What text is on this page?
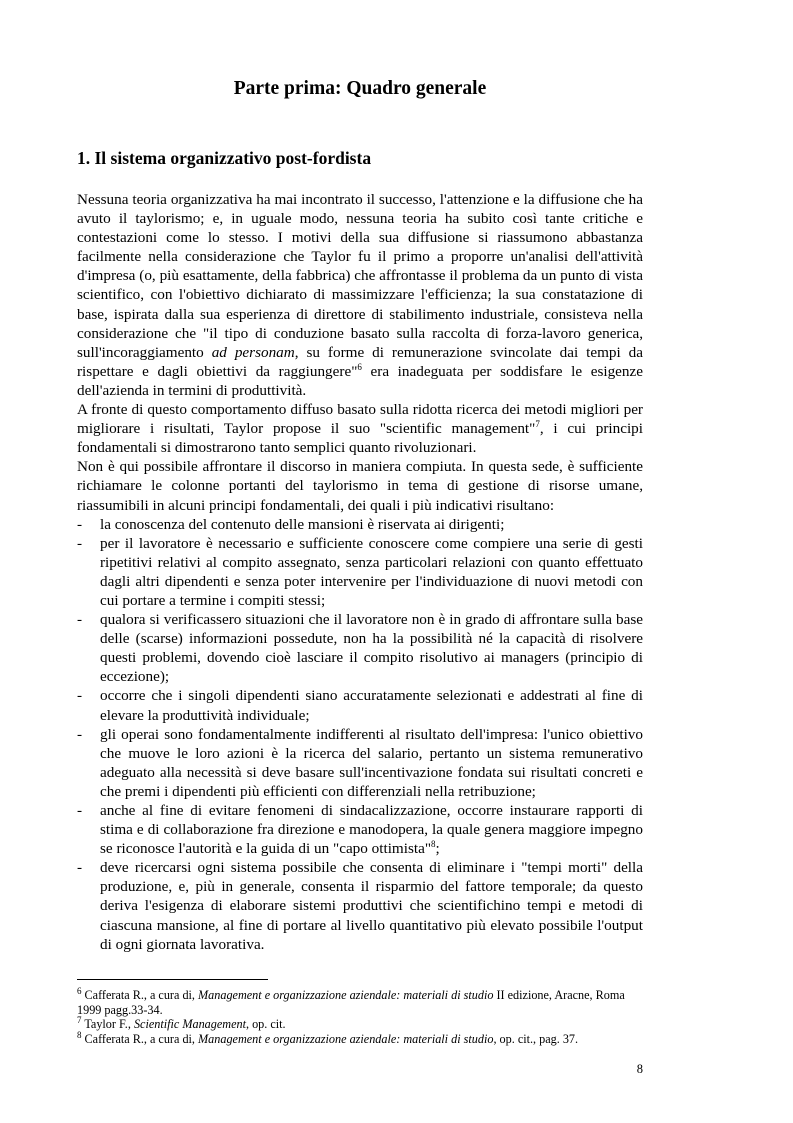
Parte prima: Quadro generale
1. Il sistema organizzativo post-fordista

Nessuna teoria organizzativa ha mai incontrato il successo, l'attenzione e la diffusione che ha avuto il taylorismo; e, in uguale modo, nessuna teoria ha subito così tante critiche e contestazioni come lo stesso. I motivi della sua diffusione si riassumono abbastanza facilmente nella considerazione che Taylor fu il primo a proporre un'analisi dell'attività d'impresa (o, più esattamente, della fabbrica) che affrontasse il problema da un punto di vista scientifico, con l'obiettivo dichiarato di massimizzare l'efficienza; la sua constatazione di base, ispirata dalla sua esperienza di direttore di stabilimento industriale, consisteva nella considerazione che "il tipo di conduzione basato sulla raccolta di forza-lavoro generica, sull'incoraggiamento ad personam, su forme di remunerazione svincolate dai tempi da rispettare e dagli obiettivi da raggiungere"$^6$ era inadeguata per soddisfare le esigenze dell'azienda in termini di produttività.

A fronte di questo comportamento diffuso basato sulla ridotta ricerca dei metodi migliori per migliorare i risultati, Taylor propose il suo "scientific management"$^7$, i cui principi fondamentali si dimostrarono tanto semplici quanto rivoluzionari.

Non è qui possibile affrontare il discorso in maniera compiuta. In questa sede, è sufficiente richiamare le colonne portanti del taylorismo in tema di gestione di risorse umane, riassumibili in alcuni principi fondamentali, dei quali i più indicativi risultano:

- la conoscenza del contenuto delle mansioni è riservata ai dirigenti;
- per il lavoratore è necessario e sufficiente conoscere come compiere una serie di gesti ripetitivi relativi al compito assegnato, senza particolari relazioni con quanto effettuato dagli altri dipendenti e senza poter intervenire per l'individuazione di nuovi metodi con cui portare a termine i compiti stessi;
- qualora si verificassero situazioni che il lavoratore non è in grado di affrontare sulla base delle (scarse) informazioni possedute, non ha la possibilità né la capacità di risolvere questi problemi, dovendo cioè lasciare il compito risolutivo ai managers (principio di eccezione);
- occorre che i singoli dipendenti siano accuratamente selezionati e addestrati al fine di elevare la produttività individuale;
- gli operai sono fondamentalmente indifferenti al risultato dell'impresa: l'unico obiettivo che muove le loro azioni è la ricerca del salario, pertanto un sistema remunerativo adeguato alla necessità si deve basare sull'incentivazione fondata sui risultati concreti e che premi i dipendenti più efficienti con differenziali nella retribuzione;
- anche al fine di evitare fenomeni di sindacalizzazione, occorre instaurare rapporti di stima e di collaborazione fra direzione e manodopera, la quale genera maggiore impegno se riconosce l'autorità e la guida di un "capo ottimista"$^8$;
- deve ricercarsi ogni sistema possibile che consenta di eliminare i "tempi morti" della produzione, e, più in generale, consenta il risparmio del fattore temporale; da questo deriva l'esigenza di elaborare sistemi produttivi che scientifichino tempi e metodi di ciascuna mansione, al fine di portare al livello quantitativo più elevato possibile l'output di ogni giornata lavorativa.
$^6$ Cafferata R., a cura di, Management e organizzazione aziendale: materiali di studio II edizione, Aracne, Roma 1999 pagg.33-34.
$^7$ Taylor F., Scientific Management, op. cit.
$^8$ Cafferata R., a cura di, Management e organizzazione aziendale: materiali di studio, op. cit., pag. 37.
8
